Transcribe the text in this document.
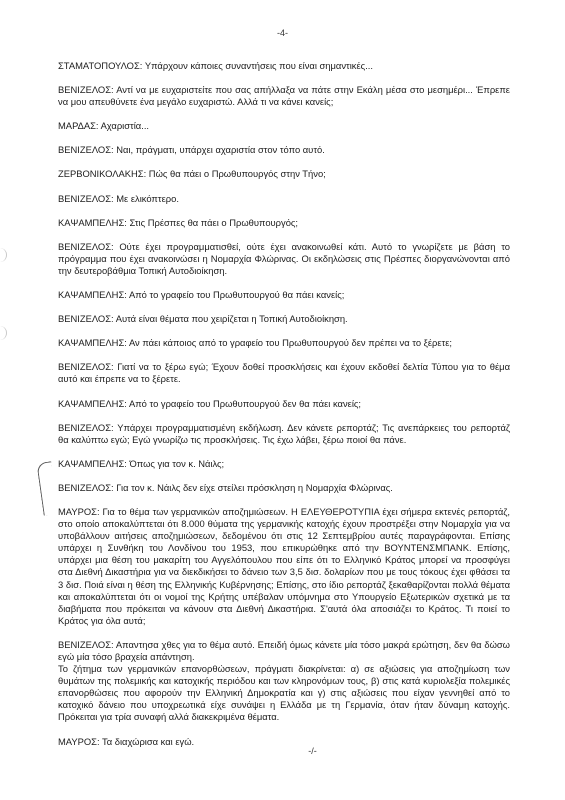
-4-

ΣΤΑΜΑΤΟΠΟΥΛΟΣ: Υπάρχουν κάποιες συναντήσεις που είναι σημαντικές...

ΒΕΝΙΖΕΛΟΣ: Αντί να με ευχαριστείτε που σας απήλλαξα να πάτε στην Εκάλη μέσα στο μεσημέρι... Έπρεπε να μου απευθύνετε ένα μεγάλο ευχαριστώ. Αλλά τι να κάνει κανείς;

ΜΑΡΔΑΣ: Αχαριστία...

ΒΕΝΙΖΕΛΟΣ: Ναι, πράγματι, υπάρχει αχαριστία στον τόπο αυτό.

ΖΕΡΒΟΝΙΚΟΛΑΚΗΣ: Πώς θα πάει ο Πρωθυπουργός στην Τήνο;

ΒΕΝΙΖΕΛΟΣ: Με ελικόπτερο.

ΚΑΨΑΜΠΕΛΗΣ: Στις Πρέσπες θα πάει ο Πρωθυπουργός;

ΒΕΝΙΖΕΛΟΣ: Ούτε έχει προγραμματισθεί, ούτε έχει ανακοινωθεί κάτι. Αυτό το γνωρίζετε με βάση το πρόγραμμα που έχει ανακοινώσει η Νομαρχία Φλώρινας. Οι εκδηλώσεις στις Πρέσπες διοργανώνονται από την δευτεροβάθμια Τοπική Αυτοδιοίκηση.

ΚΑΨΑΜΠΕΛΗΣ: Από το γραφείο του Πρωθυπουργού θα πάει κανείς;

ΒΕΝΙΖΕΛΟΣ: Αυτά είναι θέματα που χειρίζεται η Τοπική Αυτοδιοίκηση.

ΚΑΨΑΜΠΕΛΗΣ: Αν πάει κάποιος από το γραφείο του Πρωθυπουργού δεν πρέπει να το ξέρετε;

ΒΕΝΙΖΕΛΟΣ: Γιατί να το ξέρω εγώ; Έχουν δοθεί προσκλήσεις και έχουν εκδοθεί δελτία Τύπου για το θέμα αυτό και έπρεπε να το ξέρετε.

ΚΑΨΑΜΠΕΛΗΣ: Από το γραφείο του Πρωθυπουργού δεν θα πάει κανείς;

ΒΕΝΙΖΕΛΟΣ: Υπάρχει προγραμματισμένη εκδήλωση. Δεν κάνετε ρεπορτάζ; Τις ανεπάρκειες του ρεπορτάζ θα καλύπτω εγώ; Εγώ γνωρίζω τις προσκλήσεις. Τις έχω λάβει, ξέρω ποιοί θα πάνε.

ΚΑΨΑΜΠΕΛΗΣ: Όπως για τον κ. Νάιλς;

ΒΕΝΙΖΕΛΟΣ: Για τον κ. Νάιλς δεν είχε στείλει πρόσκληση η Νομαρχία Φλώρινας.

ΜΑΥΡΟΣ: Για το θέμα των γερμανικών αποζημιώσεων. Η ΕΛΕΥΘΕΡΟΤΥΠΙΑ έχει σήμερα εκτενές ρεπορτάζ, στο οποίο αποκαλύπτεται ότι 8.000 θύματα της γερμανικής κατοχής έχουν προστρέξει στην Νομαρχία για να υποβάλλουν αιτήσεις αποζημιώσεων, δεδομένου ότι στις 12 Σεπτεμβρίου αυτές παραγράφονται. Επίσης υπάρχει η Συνθήκη του Λονδίνου του 1953, που επικυρώθηκε από την ΒΟΥΝΤΕΝΣΜΠΑΝΚ. Επίσης, υπάρχει μια θέση του μακαρίτη του Αγγελόπουλου που είπε ότι το Ελληνικό Κράτος μπορεί να προσφύγει στα Διεθνή Δικαστήρια για να διεκδικήσει το δάνειο των 3,5 δισ. δολαρίων που με τους τόκους έχει φθάσει τα 3 δισ. Ποιά είναι η θέση της Ελληνικής Κυβέρνησης; Επίσης, στο ίδιο ρεπορτάζ ξεκαθαρίζονται πολλά θέματα και αποκαλύπτεται ότι οι νομοί της Κρήτης υπέβαλαν υπόμνημα στο Υπουργείο Εξωτερικών σχετικά με τα διαβήματα που πρόκειται να κάνουν στα Διεθνή Δικαστήρια. Σ'αυτά όλα αποσιάζει το Κράτος. Τι ποιεί το Κράτος για όλα αυτά;

ΒΕΝΙΖΕΛΟΣ: Απαντησα χθες για το θέμα αυτό. Επειδή όμως κάνετε μία τόσο μακρά ερώτηση, δεν θα δώσω εγώ μία τόσο βραχεία απάντηση.
Το ζήτημα των γερμανικών επανορθώσεων, πράγματι διακρίνεται: α) σε αξιώσεις για αποζημίωση των θυμάτων της πολεμικής και κατοχικής περιόδου και των κληρονόμων τους, β) στις κατά κυριολεξία πολεμικές επανορθώσεις που αφορούν την Ελληνική Δημοκρατία και γ) στις αξιώσεις που είχαν γεννηθεί από το κατοχικό δάνειο που υποχρεωτικά είχε συνάψει η Ελλάδα με τη Γερμανία, όταν ήταν δύναμη κατοχής. Πρόκειται για τρία συναφή αλλά διακεκριμένα θέματα.

ΜΑΥΡΟΣ: Τα διαχώρισα και εγώ.

-/-
